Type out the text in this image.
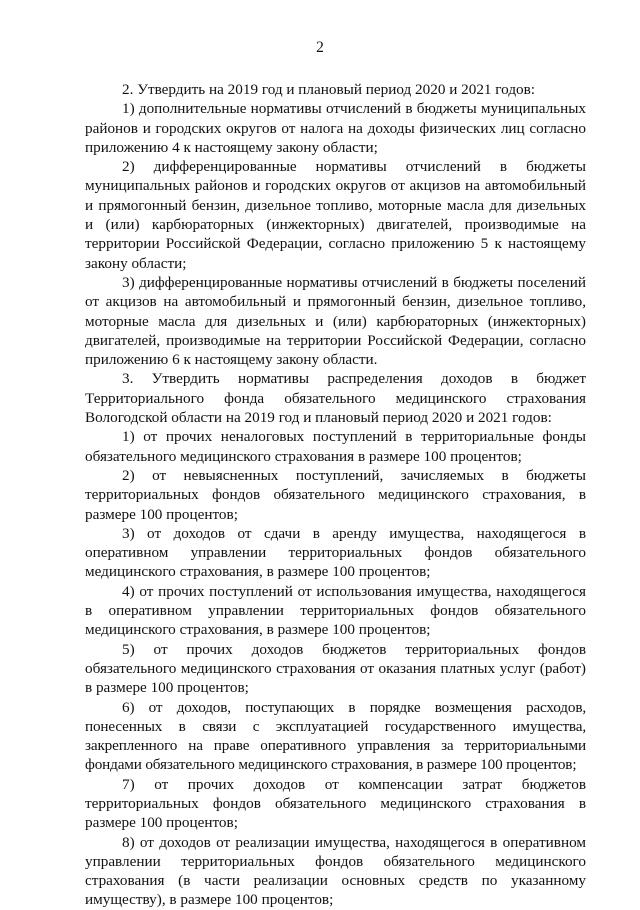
2

2. Утвердить на 2019 год и плановый период 2020 и 2021 годов:

1) дополнительные нормативы отчислений в бюджеты муниципальных районов и городских округов от налога на доходы физических лиц согласно приложению 4 к настоящему закону области;

2) дифференцированные нормативы отчислений в бюджеты муниципальных районов и городских округов от акцизов на автомобильный и прямогонный бензин, дизельное топливо, моторные масла для дизельных и (или) карбюраторных (инжекторных) двигателей, производимые на территории Российской Федерации, согласно приложению 5 к настоящему закону области;

3) дифференцированные нормативы отчислений в бюджеты поселений от акцизов на автомобильный и прямогонный бензин, дизельное топливо, моторные масла для дизельных и (или) карбюраторных (инжекторных) двигателей, производимые на территории Российской Федерации, согласно приложению 6 к настоящему закону области.

3. Утвердить нормативы распределения доходов в бюджет Территориального фонда обязательного медицинского страхования Вологодской области на 2019 год и плановый период 2020 и 2021 годов:

1) от прочих неналоговых поступлений в территориальные фонды обязательного медицинского страхования в размере 100 процентов;

2) от невыясненных поступлений, зачисляемых в бюджеты территориальных фондов обязательного медицинского страхования, в размере 100 процентов;

3) от доходов от сдачи в аренду имущества, находящегося в оперативном управлении территориальных фондов обязательного медицинского страхования, в размере 100 процентов;

4) от прочих поступлений от использования имущества, находящегося в оперативном управлении территориальных фондов обязательного медицинского страхования, в размере 100 процентов;

5) от прочих доходов бюджетов территориальных фондов обязательного медицинского страхования от оказания платных услуг (работ) в размере 100 процентов;

6) от доходов, поступающих в порядке возмещения расходов, понесенных в связи с эксплуатацией государственного имущества, закрепленного на праве оперативного управления за территориальными фондами обязательного медицинского страхования, в размере 100 процентов;

7) от прочих доходов от компенсации затрат бюджетов территориальных фондов обязательного медицинского страхования в размере 100 процентов;

8) от доходов от реализации имущества, находящегося в оперативном управлении территориальных фондов обязательного медицинского страхования (в части реализации основных средств по указанному имуществу), в размере 100 процентов;
